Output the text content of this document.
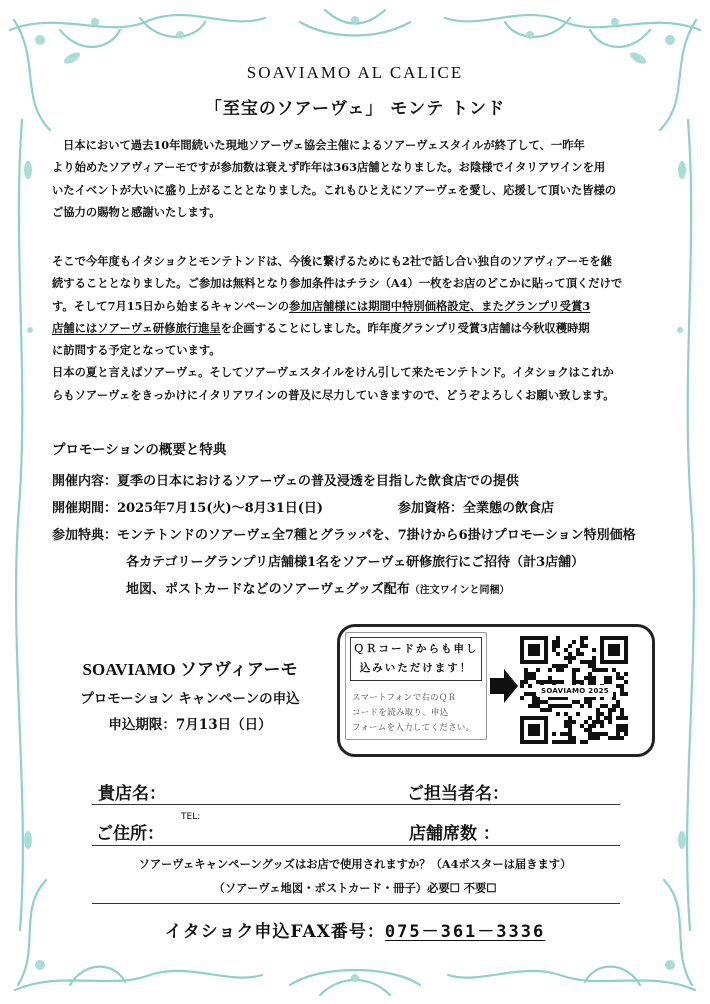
SOAVIAMO AL CALICE
「至宝のソアーヴェ」 モンテ トンド
日本において過去10年間続いた現地ソアーヴェ協会主催によるソアーヴェスタイルが終了して、一昨年
より始めたソアヴィアーモですが参加数は衰えず昨年は363店舗となりました。お陰様でイタリアワインを用
いたイベントが大いに盛り上がることとなりました。これもひとえにソアーヴェを愛し、応援して頂いた皆様の
ご協力の賜物と感謝いたします。
そこで今年度もイタショクとモンテトンドは、今後に繋げるためにも2社で話し合い独自のソアヴィアーモを継
続することとなりました。ご参加は無料となり参加条件はチラシ（A4）一枚をお店のどこかに貼って頂くだけで
す。そして7月15日から始まるキャンペーンの参加店舗様には期間中特別価格設定、またグランプリ受賞3
店舗にはソアーヴェ研修旅行進呈を企画することにしました。昨年度グランプリ受賞3店舗は今秋収穫時期
に訪問する予定となっています。
日本の夏と言えばソアーヴェ。そしてソアーヴェスタイルをけん引して来たモンテトンド。イタショクはこれか
らもソアーヴェをきっかけにイタリアワインの普及に尽力していきますので、どうぞよろしくお願い致します。
プロモーションの概要と特典
開催内容：夏季の日本におけるソアーヴェの普及浸透を目指した飲食店での提供
開催期間：2025年7月15(火)～8月31日(日)	参加資格：全業態の飲食店
参加特典：モンテトンドのソアーヴェ全7種とグラッパを、7掛けから6掛けプロモーション特別価格
各カテゴリーグランプリ店舗様1名をソアーヴェ研修旅行にご招待（計3店舗）
地図、ポストカードなどのソアーヴェグッズ配布（注文ワインと同梱）
SOAVIAMO ソアヴィアーモ
プロモーション キャンペーンの申込
申込期限：7月13日（日）
ＱＲコードからも申し
込みいただけます！
スマートフォンで右のＱＲ
コードを読み取り、申込
フォームを入力してください。
SOAVIAMO 2025
貴店名：	ご担当者名：
ご住所：
TEL:
店舗席数 ：
ソアーヴェキャンペーングッズはお店で使用されますか？（A4ポスターは届きます）
（ソアーヴェ地図・ポストカード・冊子）必要☐ 不要☐
イタショク申込FAX番号：075－361－3336
